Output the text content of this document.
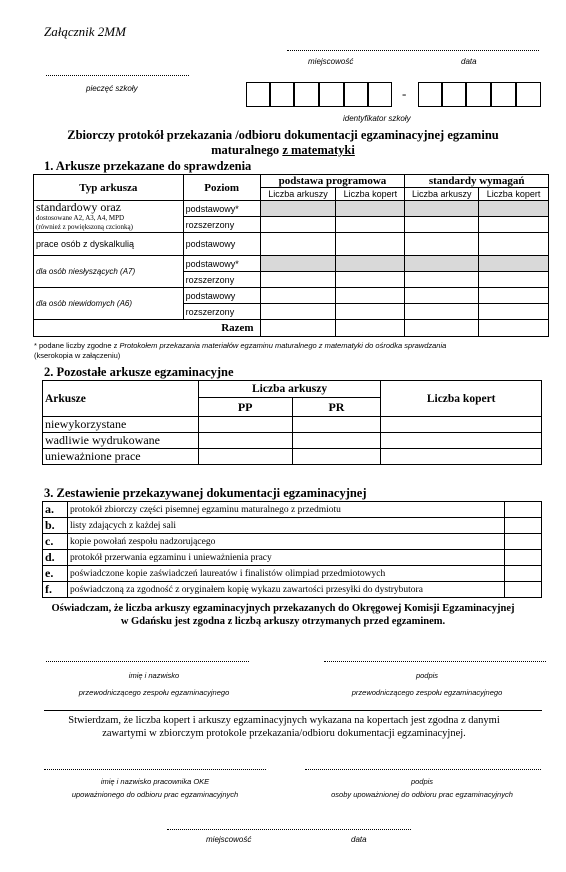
Załącznik 2MM
miejscowość	data
pieczęć szkoły	-
identyfikator szkoły
Zbiorczy protokół przekazania /odbioru dokumentacji egzaminacyjnej egzaminu
maturalnego z matematyki
1. Arkusze przekazane do sprawdzenia
Typ arkusza	Poziom	podstawa programowa		standardy wymagań	
		Liczba arkuszy	Liczba kopert	Liczba arkuszy	Liczba kopert

standardowy oraz
dostosowane A2, A3, A4, MPD
(również z powiększoną czcionką)	podstawowy*				
	rozszerzony				
prace osób z dyskalkulią	podstawowy				
dla osób niesłyszących (A7)	podstawowy*				
	rozszerzony				
dla osób niewidomych (A6)	podstawowy				
	rozszerzony				
Razem					
* podane liczby zgodne z Protokołem przekazania materiałów egzaminu maturalnego z matematyki do ośrodka sprawdzania
(kserokopia w załączeniu)
2. Pozostałe arkusze egzaminacyjne
Arkusze	Liczba arkuszy		Liczba kopert
	PP	PR	
niewykorzystane			
wadliwie wydrukowane			
unieważnione prace			
3. Zestawienie przekazywanej dokumentacji egzaminacyjnej
a.	protokół zbiorczy części pisemnej egzaminu maturalnego z przedmiotu	
b.	listy zdających z każdej sali	
c.	kopie powołań zespołu nadzorującego	
d.	protokół przerwania egzaminu i unieważnienia pracy	
e.	poświadczone kopie zaświadczeń laureatów i finalistów olimpiad przedmiotowych	
f.	poświadczoną za zgodność z oryginałem kopię wykazu zawartości przesyłki do dystrybutora	
Oświadczam, że liczba arkuszy egzaminacyjnych przekazanych do Okręgowej Komisji Egzaminacyjnej
w Gdańsku jest zgodna z liczbą arkuszy otrzymanych przed egzaminem.
imię i nazwisko
przewodniczącego zespołu egzaminacyjnego
podpis
przewodniczącego zespołu egzaminacyjnego
Stwierdzam, że liczba kopert i arkuszy egzaminacyjnych wykazana na kopertach jest zgodna z danymi
zawartymi w zbiorczym protokole przekazania/odbioru dokumentacji egzaminacyjnej.
imię i nazwisko pracownika OKE
upoważnionego do odbioru prac egzaminacyjnych
podpis
osoby upoważnionej do odbioru prac egzaminacyjnych
miejscowość	data
